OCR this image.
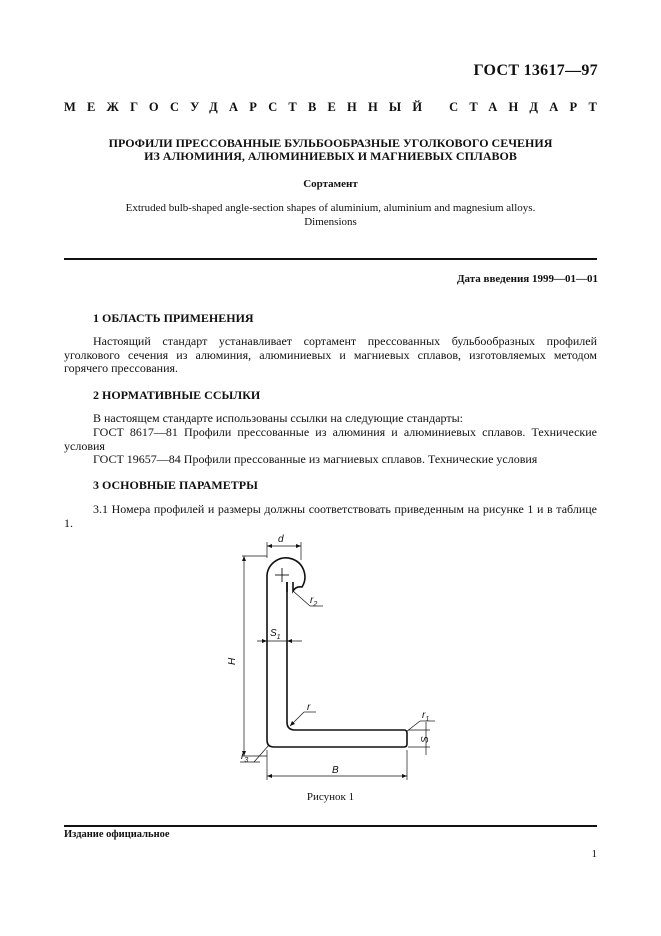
ГОСТ 13617—97
МЕЖГОСУДАРСТВЕННЫЙ СТАНДАРТ
ПРОФИЛИ ПРЕССОВАННЫЕ БУЛЬБООБРАЗНЫЕ УГОЛКОВОГО СЕЧЕНИЯ
ИЗ АЛЮМИНИЯ, АЛЮМИНИЕВЫХ И МАГНИЕВЫХ СПЛАВОВ
Сортамент
Extruded bulb-shaped angle-section shapes of aluminium, aluminium and magnesium alloys.
Dimensions
Дата введения 1999—01—01
1 ОБЛАСТЬ ПРИМЕНЕНИЯ
Настоящий стандарт устанавливает сортамент прессованных бульбообразных профилей уголкового сечения из алюминия, алюминиевых и магниевых сплавов, изготовляемых методом горячего прессования.
2 НОРМАТИВНЫЕ ССЫЛКИ
В настоящем стандарте использованы ссылки на следующие стандарты:
ГОСТ 8617—81 Профили прессованные из алюминия и алюминиевых сплавов. Технические условия
ГОСТ 19657—84 Профили прессованные из магниевых сплавов. Технические условия
3 ОСНОВНЫЕ ПАРАМЕТРЫ
3.1 Номера профилей и размеры должны соответствовать приведенным на рисунке 1 и в таблице 1.
d
$r_2$
$S_1$
H
r
$r_1$
S
$r_3$
B
Рисунок 1
Издание официальное
1
